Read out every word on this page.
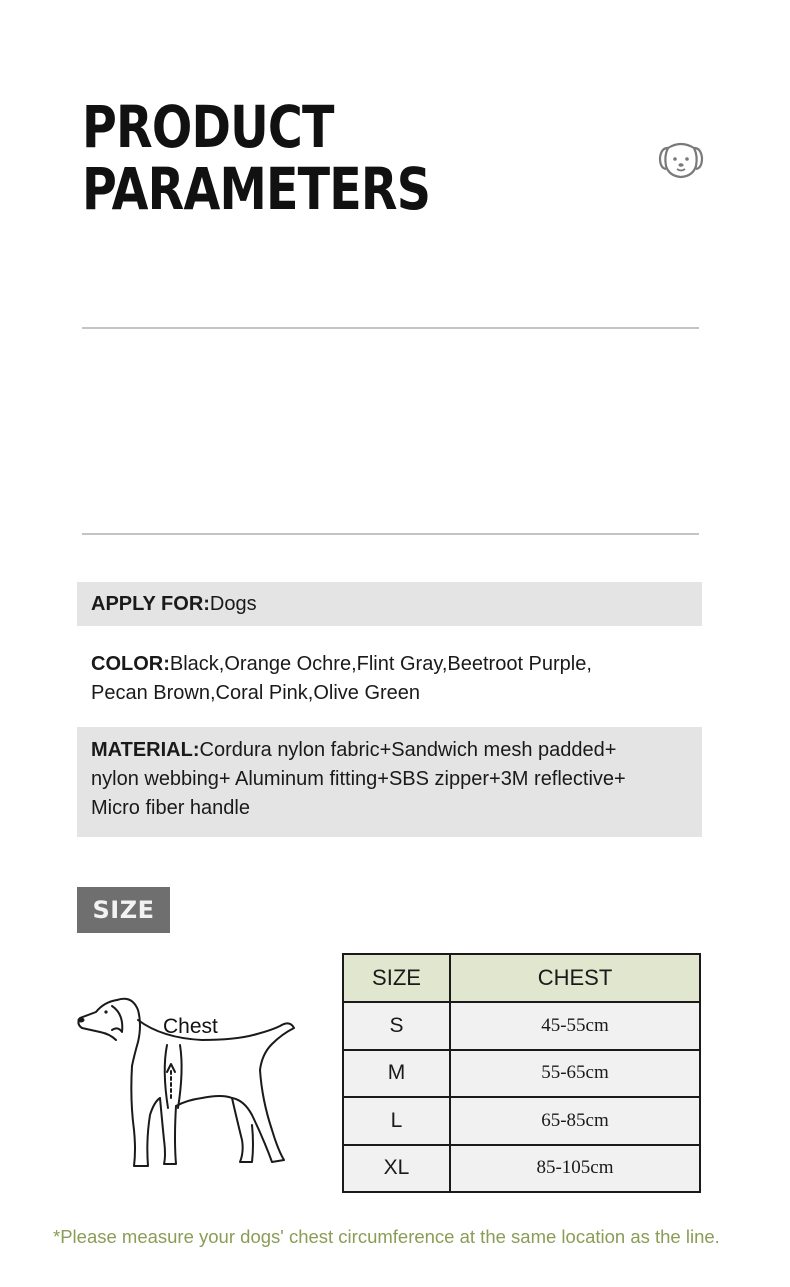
PRODUCT
PARAMETERS
APPLY FOR:Dogs
COLOR:Black,Orange Ochre,Flint Gray,Beetroot Purple,
Pecan Brown,Coral Pink,Olive Green
MATERIAL:Cordura nylon fabric+Sandwich mesh padded+
nylon webbing+ Aluminum fitting+SBS zipper+3M reflective+
Micro fiber handle
SIZE
Chest
SIZE	CHEST
S	45-55cm
M	55-65cm
L	65-85cm
XL	85-105cm
*Please measure your dogs' chest circumference at the same location as the line.
